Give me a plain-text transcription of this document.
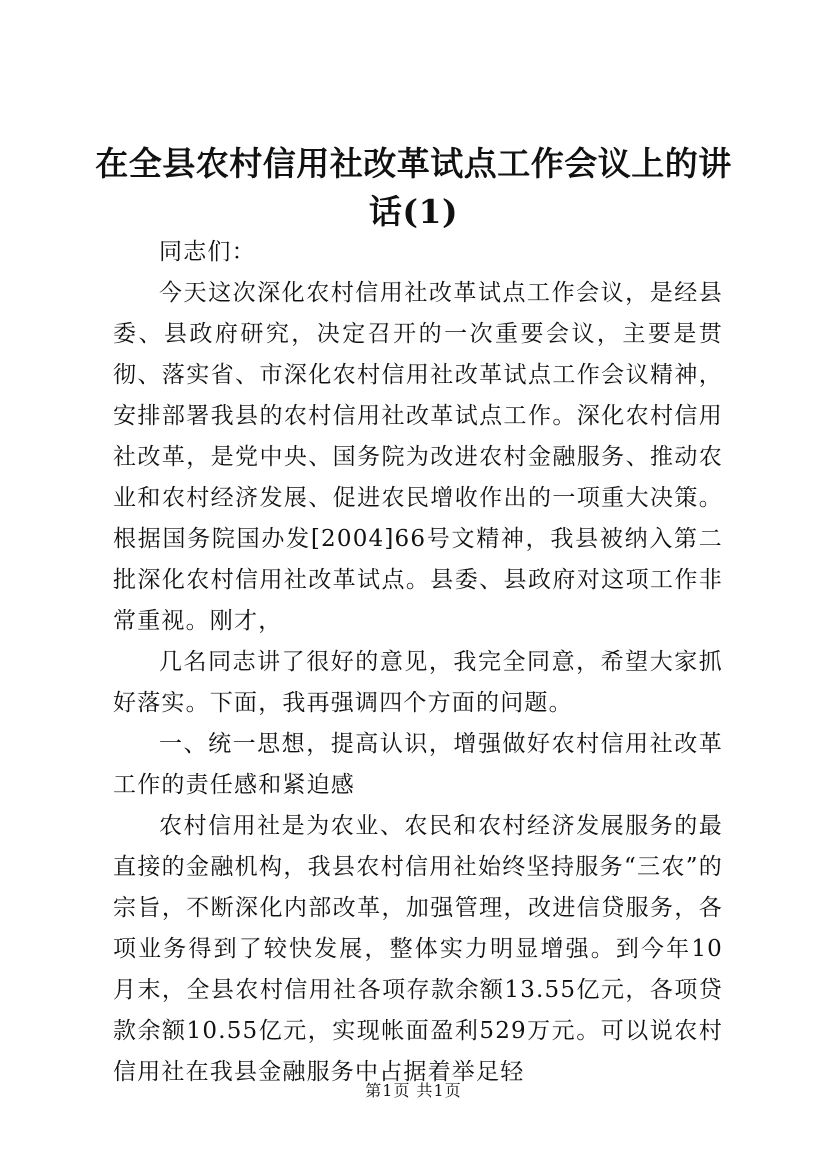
在全县农村信用社改革试点工作会议上的讲话(1)

同志们：

今天这次深化农村信用社改革试点工作会议，是经县委、县政府研究，决定召开的一次重要会议，主要是贯彻、落实省、市深化农村信用社改革试点工作会议精神，安排部署我县的农村信用社改革试点工作。深化农村信用社改革，是党中央、国务院为改进农村金融服务、推动农业和农村经济发展、促进农民增收作出的一项重大决策。根据国务院国办发[2004]66号文精神，我县被纳入第二批深化农村信用社改革试点。县委、县政府对这项工作非常重视。刚才，

几名同志讲了很好的意见，我完全同意，希望大家抓好落实。下面，我再强调四个方面的问题。

一、统一思想，提高认识，增强做好农村信用社改革工作的责任感和紧迫感

农村信用社是为农业、农民和农村经济发展服务的最直接的金融机构，我县农村信用社始终坚持服务“三农”的宗旨，不断深化内部改革，加强管理，改进信贷服务，各项业务得到了较快发展，整体实力明显增强。到今年10月末，全县农村信用社各项存款余额13.55亿元，各项贷款余额10.55亿元，实现帐面盈利529万元。可以说农村信用社在我县金融服务中占据着举足轻

第1页 共1页
